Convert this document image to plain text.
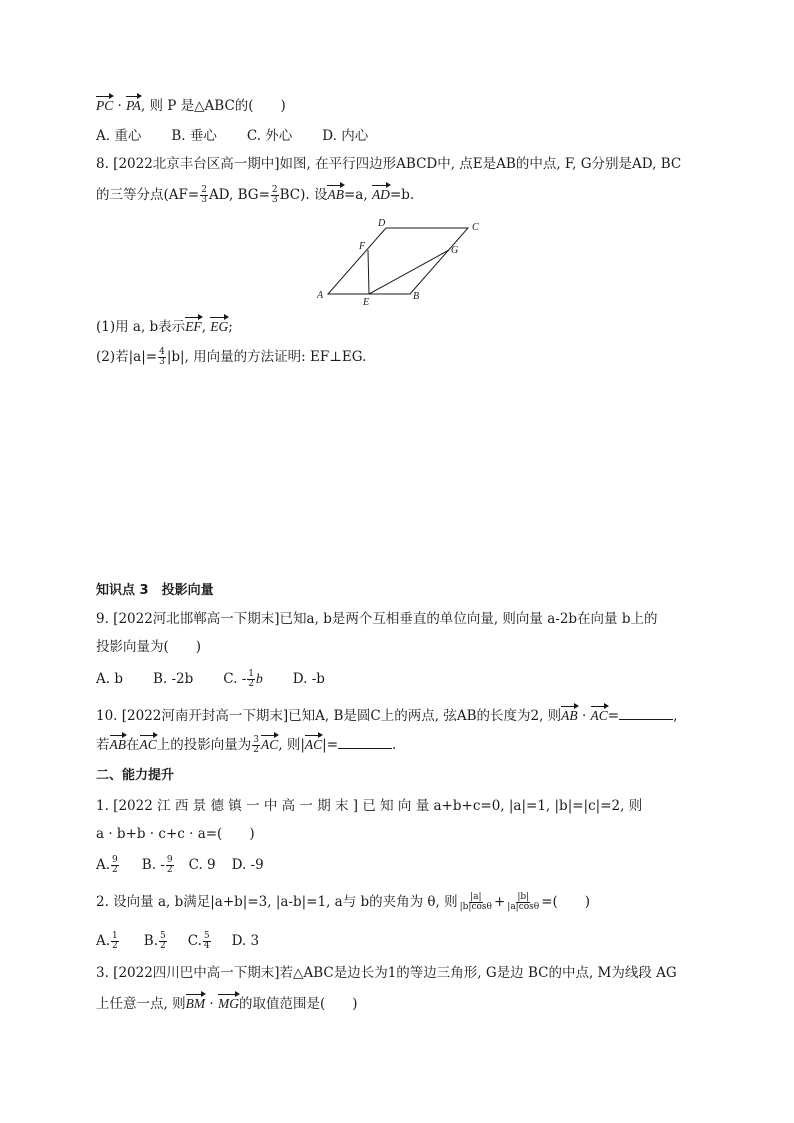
PC · PA, 则 P 是△ABC的(　　)
A. 重心 B. 垂心 C. 外心 D. 内心
8. [2022北京丰台区高一期中]如图, 在平行四边形ABCD中, 点E是AB的中点, F, G分别是AD, BC
的三等分点($AF= \frac{2}{3}$ AD, $BG= \frac{2}{3} BC$). 设AB=a, AD=b.
A	B
C
D
E
F	G
(1)用 a, b表示EF, EG;
(2)若$|a|= \frac{4}{3} |b|$, 用向量的方法证明: EF⊥EG.
知识点 3　投影向量
9. [2022河北邯郸高一下期末]已知a, b是两个互相垂直的单位向量, 则向量 a-2b在向量 b上的
投影向量为(　　)
A. b B. -2b C. - $\frac{1}{2}$ b D. -b
10. [2022河南开封高一下期末]已知A, B是圆C上的两点, 弦AB的长度为2, 则AB · AC=	,
若AB在AC上的投影向量为 $\frac{3}{2}$ AC, 则|AC|=	.
二、能力提升
1. [2022 江 西 景 德 镇 一 中 高 一 期 末 ] 已 知 向 量 a+b+c=0, |a|=1, |b|=|c|=2, 则
a · b+b · c+c · a=(　　)
A. $\frac{9}{2} B$. - $\frac{9}{2} C$. 9 D. -9
2. 设向量 a, b满足|a+b|=3, |a-b|=1, a与 b的夹角为 θ, 则 $\frac{|a|}{|b|\cos\theta} + \frac{|b|}{|a|\cos\theta}$ =(　　)
A. $\frac{1}{2} B$. $\frac{5}{2} C$. $\frac{5}{4} D$. 3
3. [2022四川巴中高一下期末]若△ABC是边长为1的等边三角形, G是边 BC的中点, M为线段 AG
上任意一点, 则BM · MG的取值范围是(　　)
